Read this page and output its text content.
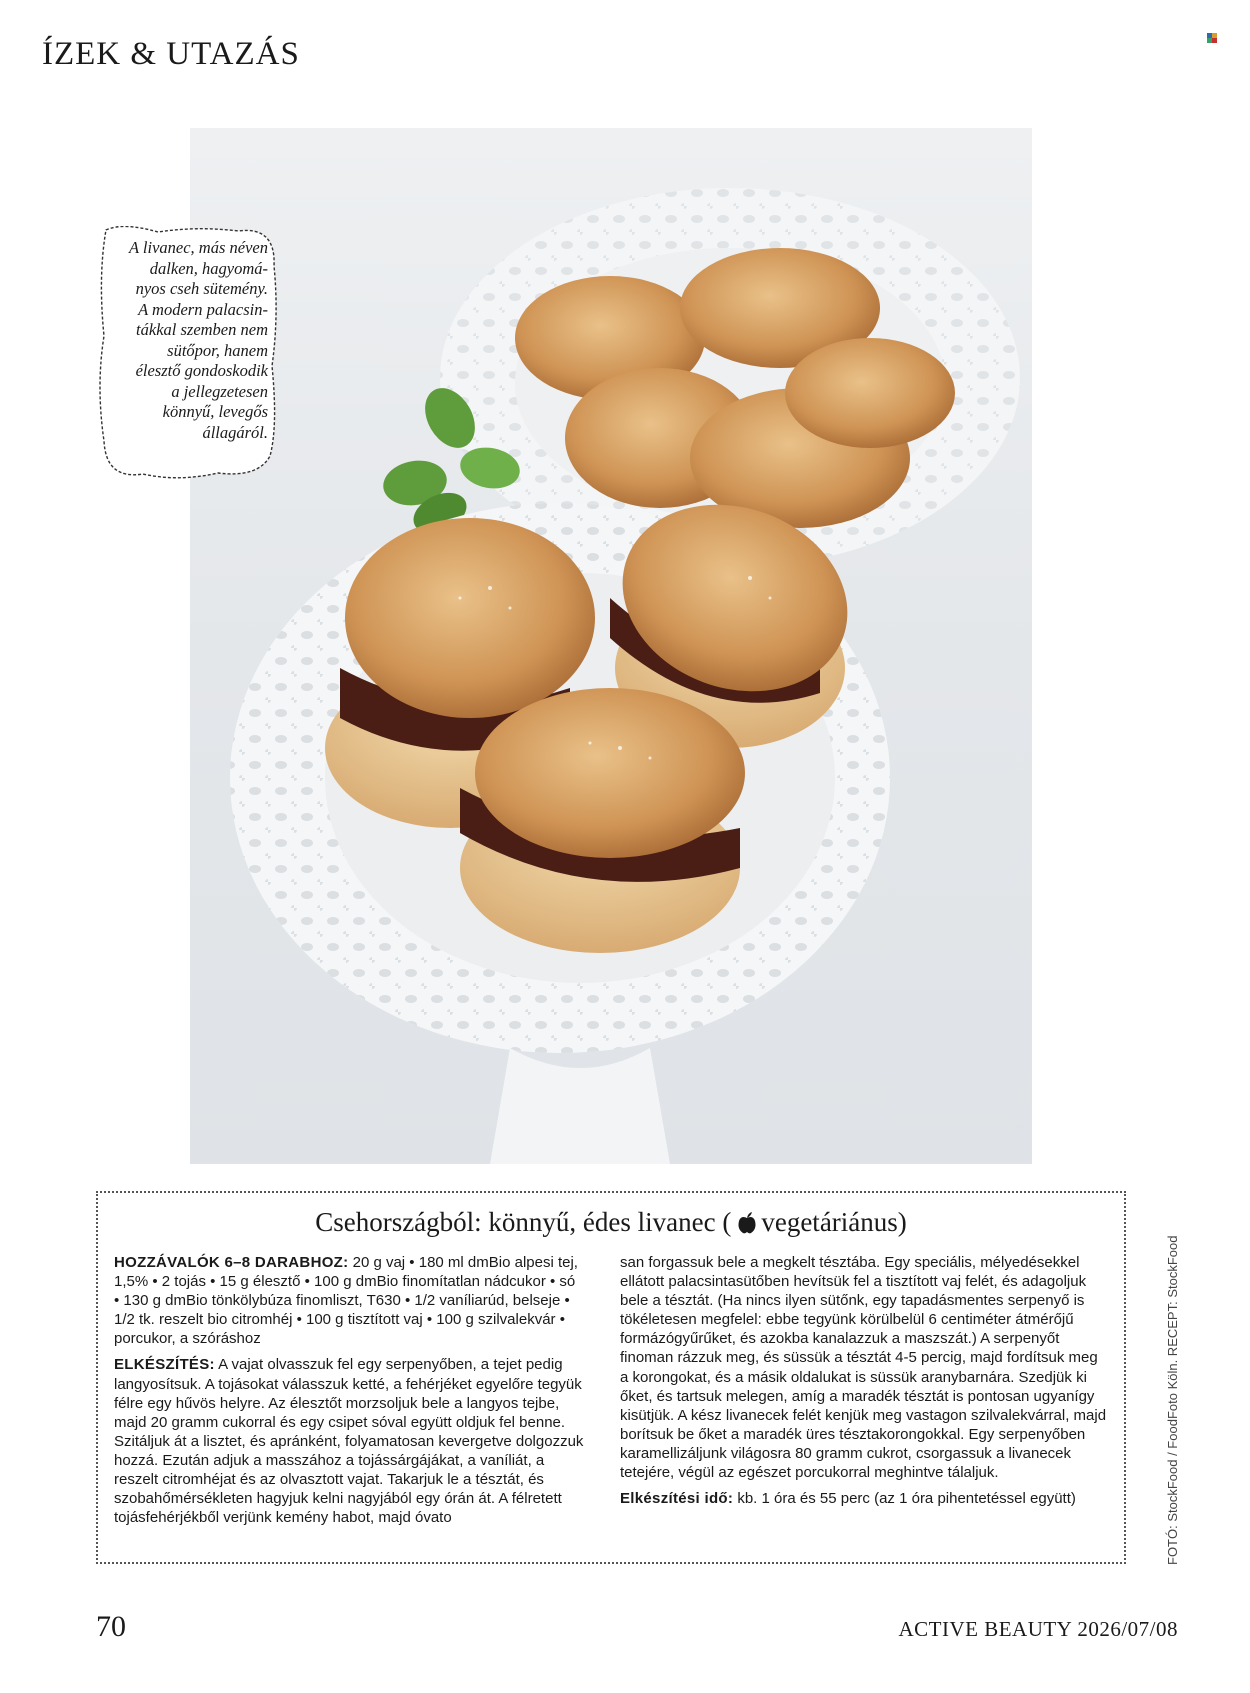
ÍZEK & UTAZÁS
A livanec, más néven
dalken, hagyomá-
nyos cseh sütemény.
A modern palacsin-
tákkal szemben nem
sütőpor, hanem
élesztő gondoskodik
a jellegzetesen
könnyű, levegős
állagáról.
Csehországból: könnyű, édes livanec ( vegetáriánus)

HOZZÁVALÓK 6–8 DARABHOZ: 20 g vaj • 180 ml dmBio alpesi tej, 1,5% • 2 tojás • 15 g élesztő • 100 g dmBio finomítatlan nádcukor • só • 130 g dmBio tönkölybúza finomliszt, T630 • 1/2 vaníliarúd, belseje • 1/2 tk. reszelt bio citromhéj • 100 g tisztított vaj • 100 g szilvalekvár • porcukor, a szóráshoz

ELKÉSZÍTÉS: A vajat olvasszuk fel egy serpenyőben, a tejet pedig langyosítsuk. A tojásokat válasszuk ketté, a fehérjéket egyelőre tegyük félre egy hűvös helyre. Az élesztőt morzsoljuk bele a langyos tejbe, majd 20 gramm cukorral és egy csipet sóval együtt oldjuk fel benne. Szitáljuk át a lisztet, és apránként, folyamatosan kevergetve dolgozzuk hozzá. Ezután adjuk a masszához a tojássárgájákat, a vaníliát, a reszelt citromhéjat és az olvasztott vajat. Takarjuk le a tésztát, és szobahőmérsékleten hagyjuk kelni nagyjából egy órán át. A félretett tojásfehérjékből verjünk kemény habot, majd óvato

san forgassuk bele a megkelt tésztába. Egy speciális, mélyedésekkel ellátott palacsintasütőben hevítsük fel a tisztított vaj felét, és adagoljuk bele a tésztát. (Ha nincs ilyen sütőnk, egy tapadásmentes serpenyő is tökéletesen megfelel: ebbe tegyünk körülbelül 6 centiméter átmérőjű formázógyűrűket, és azokba kanalazzuk a maszszát.) A serpenyőt finoman rázzuk meg, és süssük a tésztát 4-5 percig, majd fordítsuk meg a korongokat, és a másik oldalukat is süssük aranybarnára. Szedjük ki őket, és tartsuk melegen, amíg a maradék tésztát is pontosan ugyanígy kisütjük. A kész livanecek felét kenjük meg vastagon szilvalekvárral, majd borítsuk be őket a maradék üres tésztakorongokkal. Egy serpenyőben karamellizáljunk világosra 80 gramm cukrot, csorgassuk a livanecek tetejére, végül az egészet porcukorral meghintve tálaljuk.

Elkészítési idő: kb. 1 óra és 55 perc (az 1 óra pihentetéssel együtt)	FOTÓ: StockFood / FoodFoto Köln. RECEPT: StockFood
70	ACTIVE BEAUTY 2026/07/08
